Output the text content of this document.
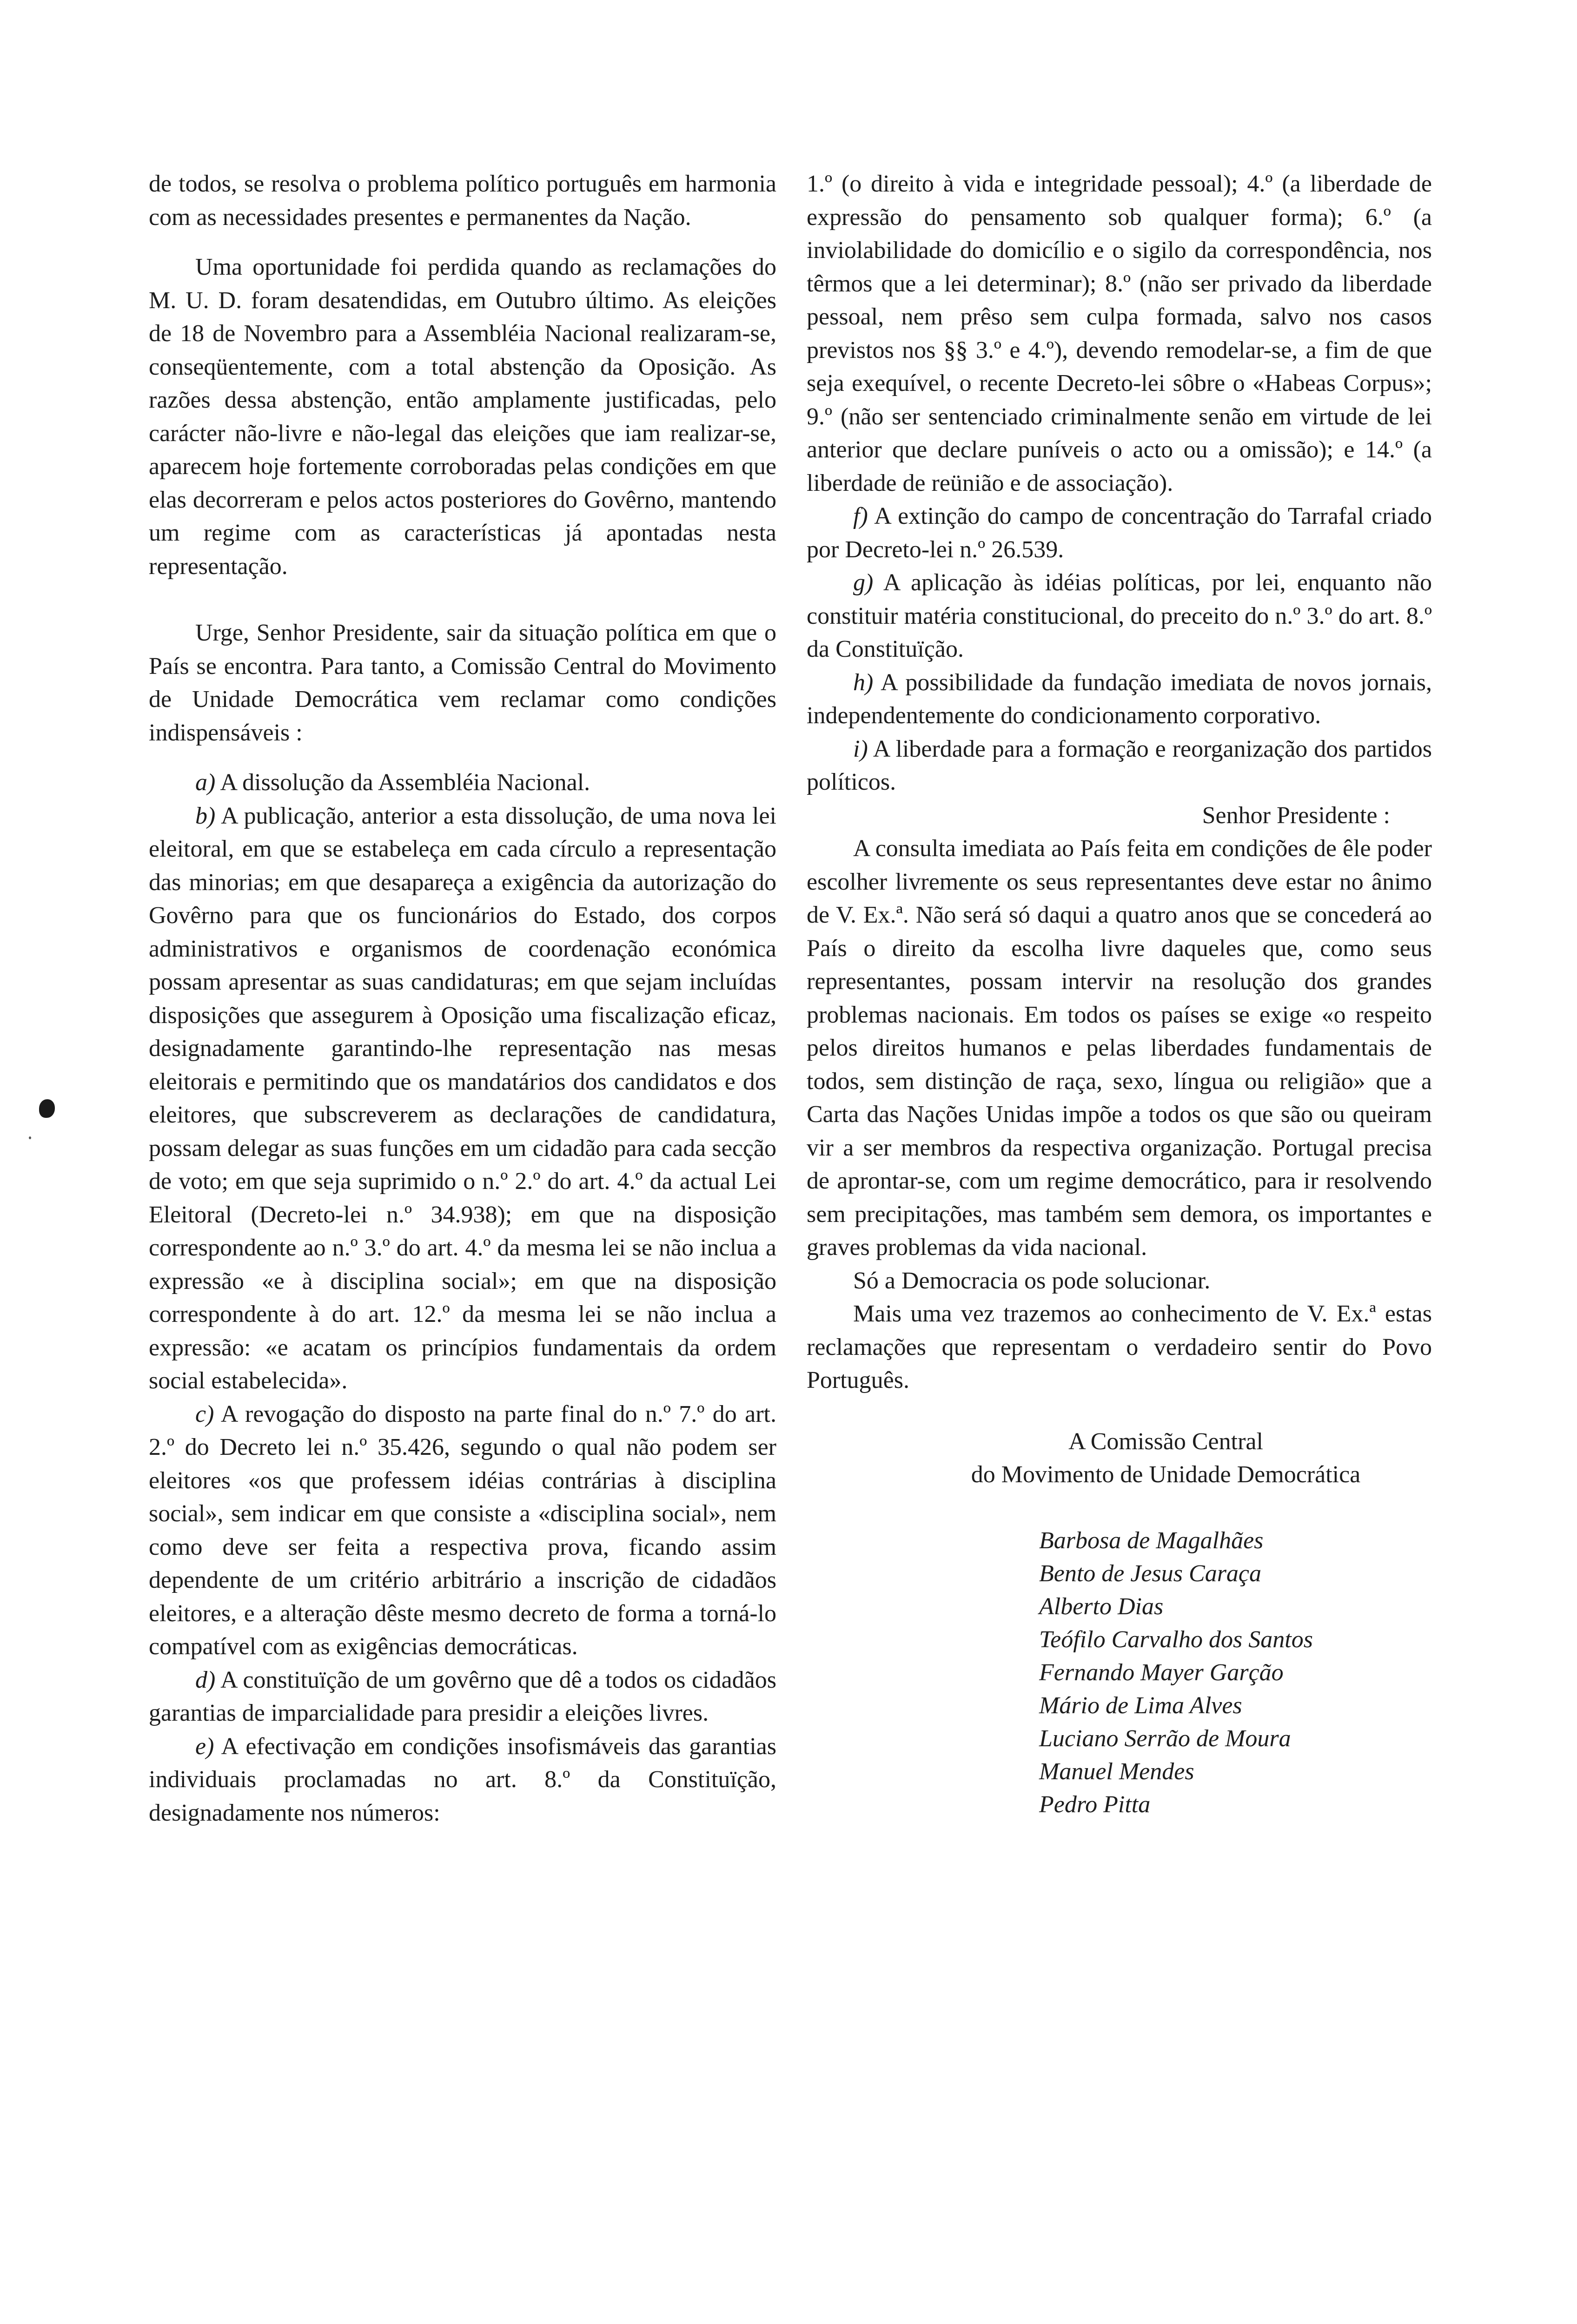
de todos, se resolva o problema político português em harmonia com as necessidades presentes e permanentes da Nação.

Uma oportunidade foi perdida quando as reclamações do M. U. D. foram desatendidas, em Outubro último. As eleições de 18 de Novembro para a Assembléia Nacional realizaram-se, conseqüentemente, com a total abstenção da Oposição. As razões dessa abstenção, então amplamente justificadas, pelo carácter não-livre e não-legal das eleições que iam realizar-se, aparecem hoje fortemente corroboradas pelas condições em que elas decorreram e pelos actos posteriores do Govêrno, mantendo um regime com as características já apontadas nesta representação.

Urge, Senhor Presidente, sair da situação política em que o País se encontra. Para tanto, a Comissão Central do Movimento de Unidade Democrática vem reclamar como condições indispensáveis :

a) A dissolução da Assembléia Nacional.

b) A publicação, anterior a esta dissolução, de uma nova lei eleitoral, em que se estabeleça em cada círculo a representação das minorias; em que desapareça a exigência da autorização do Govêrno para que os funcionários do Estado, dos corpos administrativos e organismos de coordenação económica possam apresentar as suas candidaturas; em que sejam incluídas disposições que assegurem à Oposição uma fiscalização eficaz, designadamente garantindo-lhe representação nas mesas eleitorais e permitindo que os mandatários dos candidatos e dos eleitores, que subscreverem as declarações de candidatura, possam delegar as suas funções em um cidadão para cada secção de voto; em que seja suprimido o n.º 2.º do art. 4.º da actual Lei Eleitoral (Decreto-lei n.º 34.938); em que na disposição correspondente ao n.º 3.º do art. 4.º da mesma lei se não inclua a expressão «e à disciplina social»; em que na disposição correspondente à do art. 12.º da mesma lei se não inclua a expressão: «e acatam os princípios fundamentais da ordem social estabelecida».

c) A revogação do disposto na parte final do n.º 7.º do art. 2.º do Decreto lei n.º 35.426, segundo o qual não podem ser eleitores «os que professem idéias contrárias à disciplina social», sem indicar em que consiste a «disciplina social», nem como deve ser feita a respectiva prova, ficando assim dependente de um critério arbitrário a inscrição de cidadãos eleitores, e a alteração dêste mesmo decreto de forma a torná-lo compatível com as exigências democráticas.

d) A constituïção de um govêrno que dê a todos os cidadãos garantias de imparcialidade para presidir a eleições livres.

e) A efectivação em condições insofismáveis das garantias individuais proclamadas no art. 8.º da Constituïção, designadamente nos números:

1.º (o direito à vida e integridade pessoal); 4.º (a liberdade de expressão do pensamento sob qualquer forma); 6.º (a inviolabilidade do domicílio e o sigilo da correspondência, nos têrmos que a lei determinar); 8.º (não ser privado da liberdade pessoal, nem prêso sem culpa formada, salvo nos casos previstos nos §§ 3.º e 4.º), devendo remodelar-se, a fim de que seja exequível, o recente Decreto-lei sôbre o «Habeas Corpus»; 9.º (não ser sentenciado criminalmente senão em virtude de lei anterior que declare puníveis o acto ou a omissão); e 14.º (a liberdade de reünião e de associação).

f) A extinção do campo de concentração do Tarrafal criado por Decreto-lei n.º 26.539.

g) A aplicação às idéias políticas, por lei, enquanto não constituir matéria constitucional, do preceito do n.º 3.º do art. 8.º da Constituïção.

h) A possibilidade da fundação imediata de novos jornais, independentemente do condicionamento corporativo.

i) A liberdade para a formação e reorganização dos partidos políticos.

Senhor Presidente :

A consulta imediata ao País feita em condições de êle poder escolher livremente os seus representantes deve estar no ânimo de V. Ex.ª. Não será só daqui a quatro anos que se concederá ao País o direito da escolha livre daqueles que, como seus representantes, possam intervir na resolução dos grandes problemas nacionais. Em todos os países se exige «o respeito pelos direitos humanos e pelas liberdades fundamentais de todos, sem distinção de raça, sexo, língua ou religião» que a Carta das Nações Unidas impõe a todos os que são ou queiram vir a ser membros da respectiva organização. Portugal precisa de aprontar-se, com um regime democrático, para ir resolvendo sem precipitações, mas também sem demora, os importantes e graves problemas da vida nacional.

Só a Democracia os pode solucionar.

Mais uma vez trazemos ao conhecimento de V. Ex.ª estas reclamações que representam o verdadeiro sentir do Povo Português.

A Comissão Central
do Movimento de Unidade Democrática
Barbosa de Magalhães
Bento de Jesus Caraça
Alberto Dias
Teófilo Carvalho dos Santos
Fernando Mayer Garção
Mário de Lima Alves
Luciano Serrão de Moura
Manuel Mendes
Pedro Pitta
